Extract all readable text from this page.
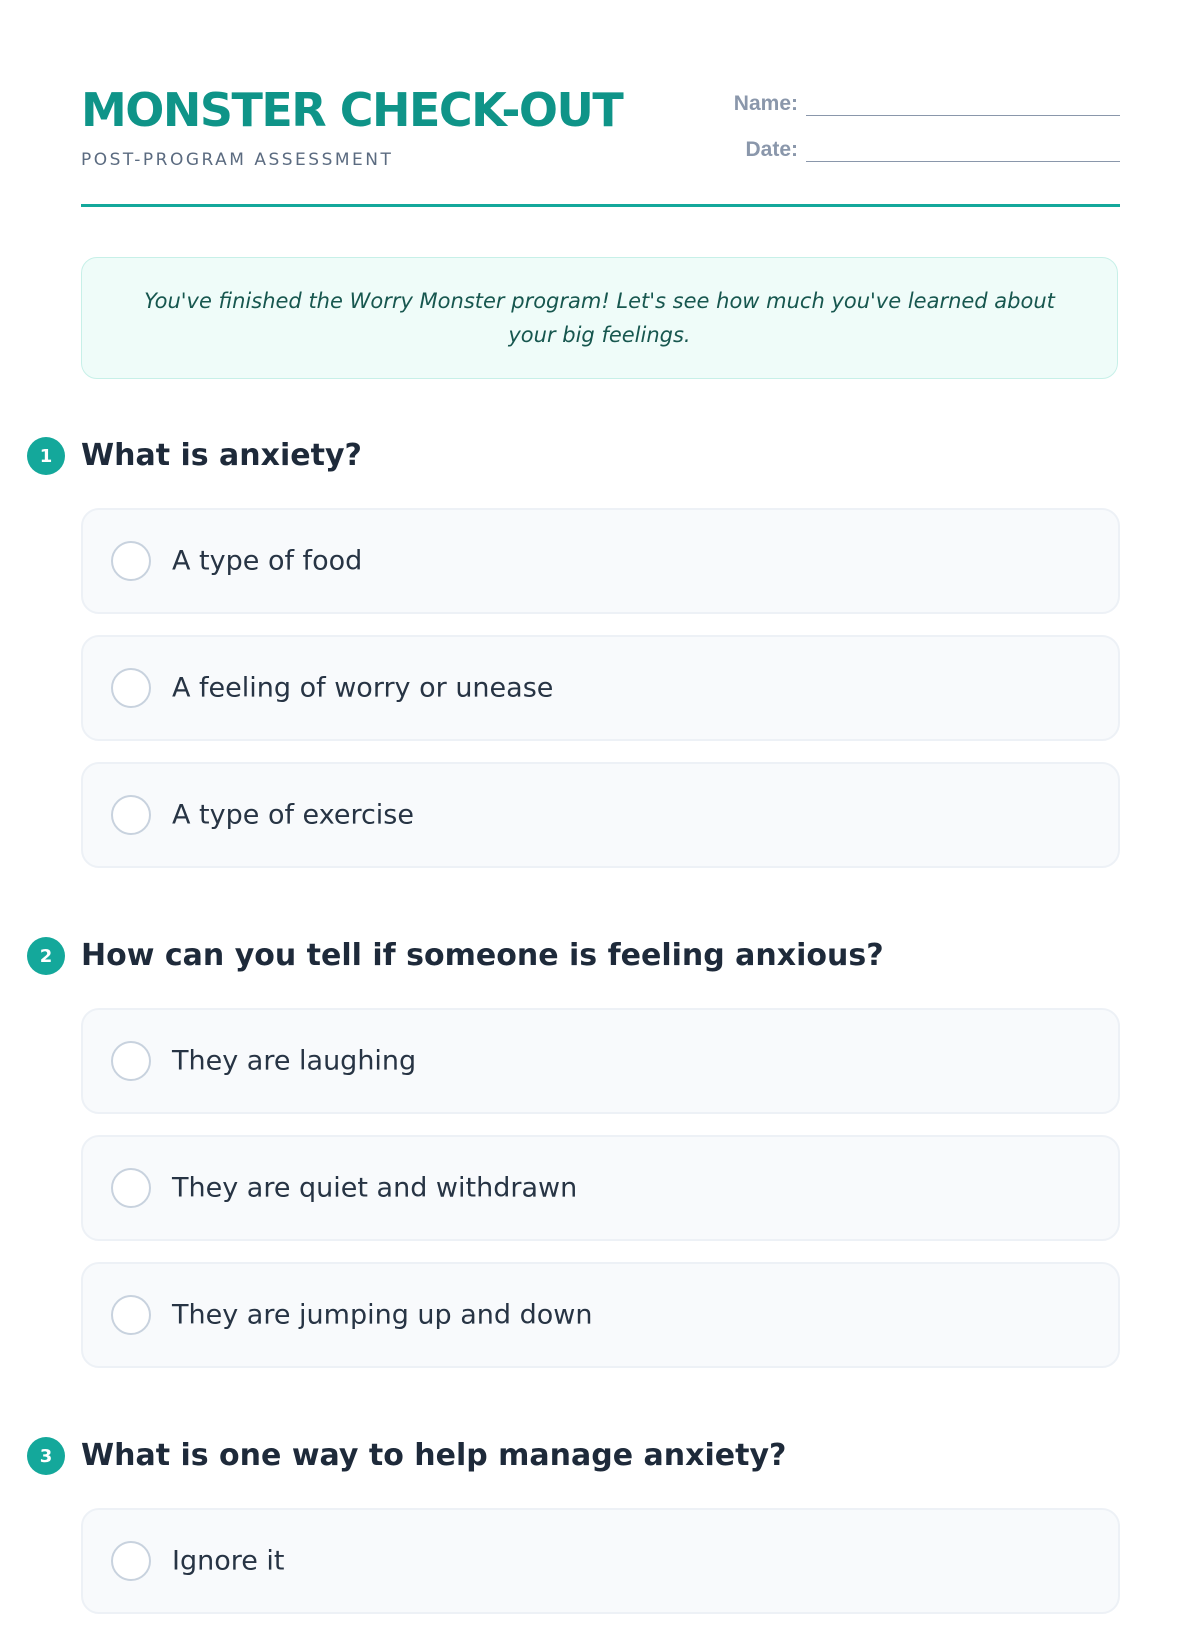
MONSTER CHECK-OUT
POST-PROGRAM ASSESSMENT
Name:
Date:
You've finished the Worry Monster program! Let's see how much you've learned about your big feelings.
1 What is anxiety?
A type of food
A feeling of worry or unease
A type of exercise
2 How can you tell if someone is feeling anxious?
They are laughing
They are quiet and withdrawn
They are jumping up and down
3 What is one way to help manage anxiety?
Ignore it
